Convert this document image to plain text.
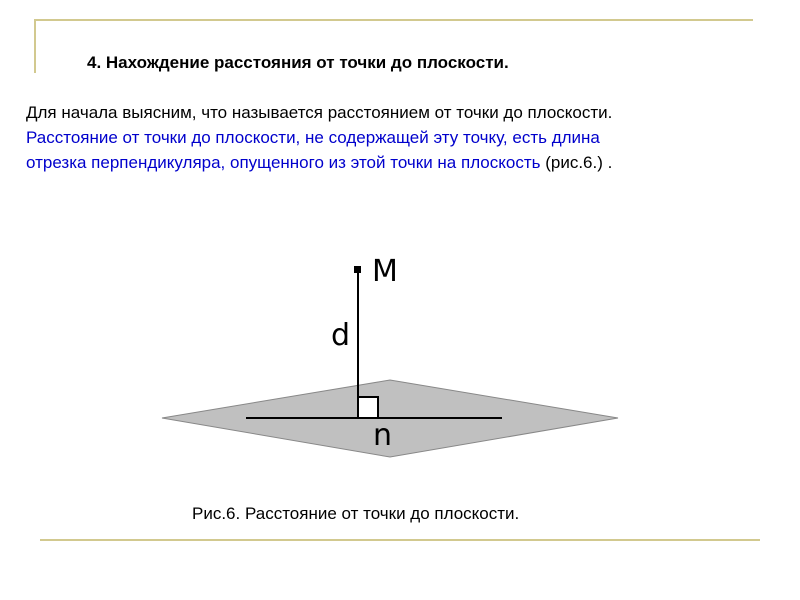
4. Нахождение расстояния от точки до плоскости.
Для начала выясним, что называется расстоянием от точки до плоскости.
Расстояние от точки до плоскости, не содержащей эту точку, есть длина
отрезка перпендикуляра, опущенного из этой точки на плоскость (рис.6.) .
M
d
n
Рис.6. Расстояние от точки до плоскости.
